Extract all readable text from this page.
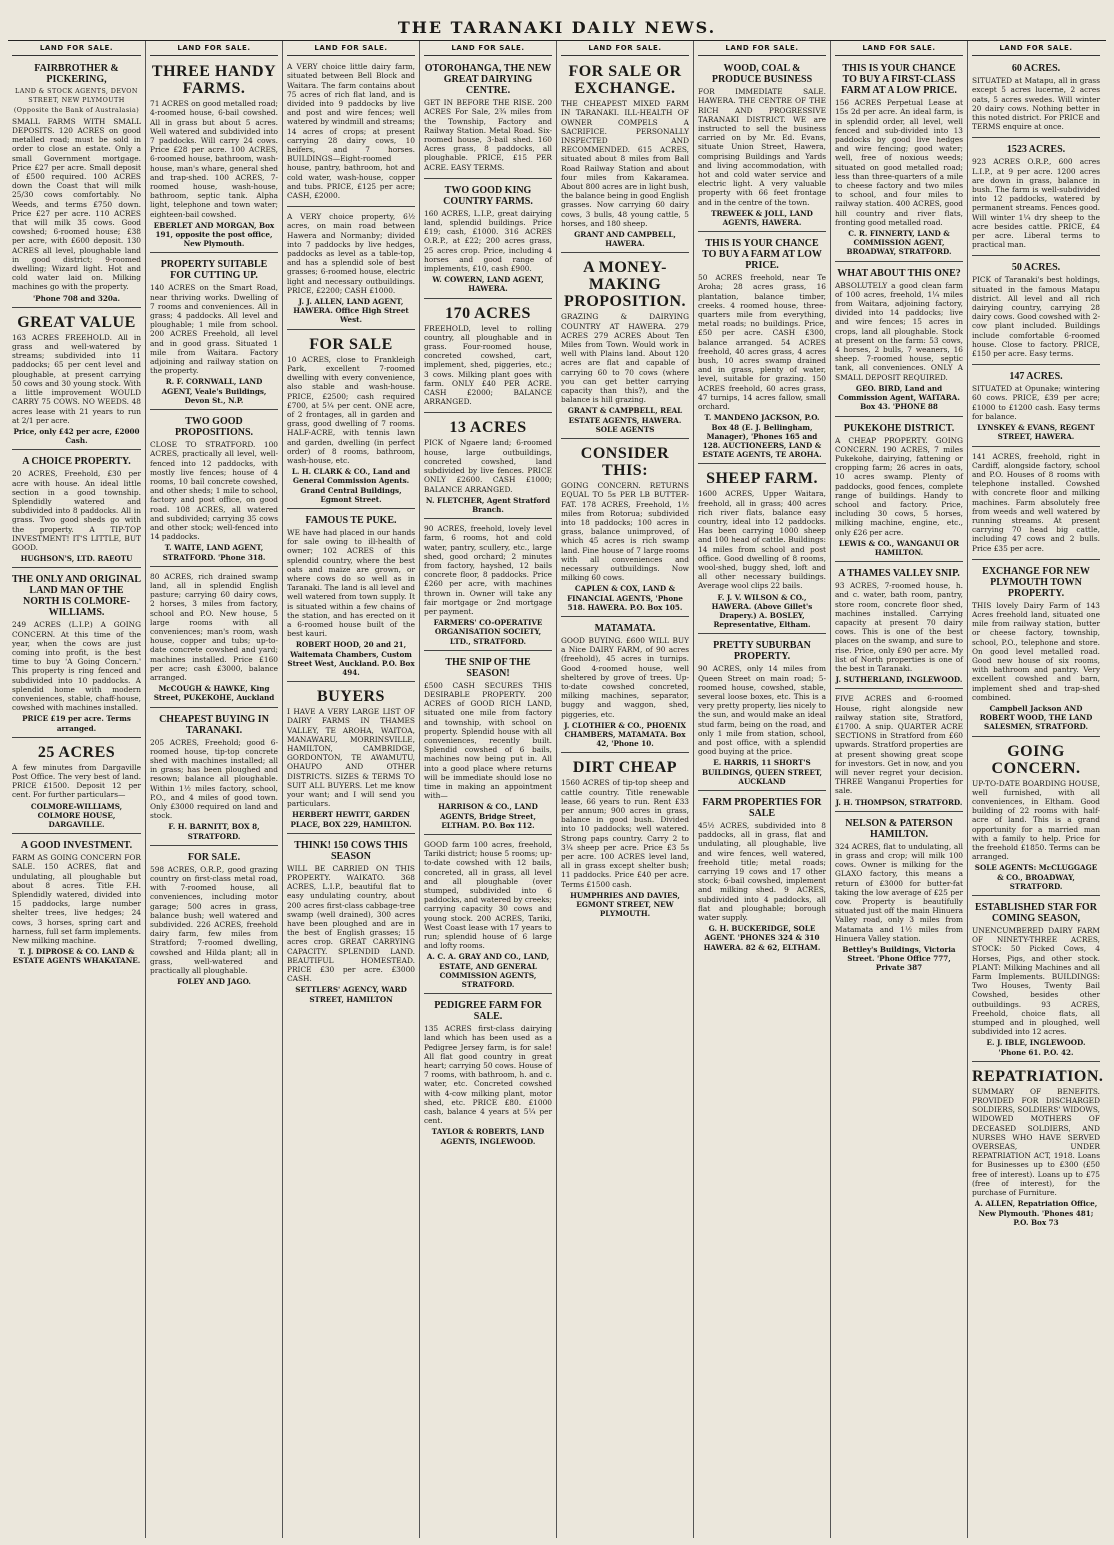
THE TARANAKI DAILY NEWS.
LAND FOR SALE.
FAIRBROTHER & PICKERING,
LAND & STOCK AGENTS, DEVON STREET, NEW PLYMOUTH (Opposite the Bank of Australasia)

SMALL FARMS WITH SMALL DEPOSITS. 120 ACRES on good metalled road; must be sold in order to close an estate. Only a small Government mortgage. Price £27 per acre. Small deposit of £500 required. 100 ACRES down the Coast that will milk 25/30 cows comfortably. No Weeds, and terms £750 down. Price £27 per acre. 110 ACRES that will milk 35 cows. Good cowshed; 6-roomed house; £38 per acre, with £600 deposit. 130 ACRES all level, ploughable land in good district; 9-roomed dwelling; Wizard light. Hot and cold water laid on. Milking machines go with the property.

'Phone 708 and 320a.
GREAT VALUE

163 ACRES FREEHOLD. All in grass and well-watered by streams; subdivided into 11 paddocks; 65 per cent level and ploughable, at present carrying 50 cows and 30 young stock. With a little improvement WOULD CARRY 75 COWS. NO WEEDS. 48 acres lease with 21 years to run at 2/1 per acre.

Price, only £42 per acre, £2000 Cash.
A CHOICE PROPERTY.

20 ACRES, Freehold, £30 per acre with house. An ideal little section in a good township. Splendidly watered and subdivided into 8 paddocks. All in grass. Two good sheds go with the property. A TIP-TOP INVESTMENT! IT'S LITTLE, BUT GOOD.

HUGHSON'S, LTD. RAEOTU
THE ONLY AND ORIGINAL LAND MAN OF THE NORTH IS COLMORE-WILLIAMS.

249 ACRES (L.I.P.) A GOING CONCERN. At this time of the year, when the cows are just coming into profit, is the best time to buy 'A Going Concern.' This property is ring fenced and subdivided into 10 paddocks. A splendid home with modern conveniences, stable, chaff-house, cowshed with machines installed.

PRICE £19 per acre. Terms arranged.
25 ACRES

A few minutes from Dargaville Post Office. The very best of land. PRICE £1500. Deposit 12 per cent. For further particulars—

COLMORE-WILLIAMS, COLMORE HOUSE, DARGAVILLE.
A GOOD INVESTMENT.

FARM AS GOING CONCERN FOR SALE. 150 ACRES, flat and undulating, all ploughable but about 8 acres. Title F.H. Splendidly watered, divided into 15 paddocks, large number shelter trees, live hedges; 24 cows, 3 horses, spring cart and harness, full set farm implements. New milking machine.

T. J. DIPROSE & CO. LAND & ESTATE AGENTS WHAKATANE.
LAND FOR SALE.
THREE HANDY FARMS.

71 ACRES on good metalled road; 4-roomed house, 6-bail cowshed. All in grass but about 5 acres. Well watered and subdivided into 7 paddocks. Will carry 24 cows. Price £28 per acre. 100 ACRES, 6-roomed house, bathroom, wash-house, man's whare, general shed and trap-shed. 100 ACRES, 7-roomed house, wash-house, bathroom, septic tank. Alpha light, telephone and town water; eighteen-bail cowshed.

EBERLET AND MORGAN, Box 191, opposite the post office, New Plymouth.
PROPERTY SUITABLE FOR CUTTING UP.

140 ACRES on the Smart Road, near thriving works. Dwelling of 7 rooms and conveniences. All in grass; 4 paddocks. All level and ploughable; 1 mile from school. 200 ACRES Freehold, all level and in good grass. Situated 1 mile from Waitara. Factory adjoining and railway station on the property.

R. F. CORNWALL, LAND AGENT, Veale's Buildings, Devon St., N.P.
TWO GOOD PROPOSITIONS.

CLOSE TO STRATFORD. 100 ACRES, practically all level, well-fenced into 12 paddocks, with mostly live fences; house of 4 rooms, 10 bail concrete cowshed, and other sheds; 1 mile to school, factory and post office, on good road. 108 ACRES, all watered and subdivided; carrying 35 cows and other stock; well-fenced into 14 paddocks.

T. WAITE, LAND AGENT, STRATFORD. 'Phone 318.

80 ACRES, rich drained swamp land, all in splendid English pasture; carrying 60 dairy cows, 2 horses, 3 miles from factory, school and P.O. New house, 5 large rooms with all conveniences; man's room, wash house, copper and tubs; up-to-date concrete cowshed and yard; machines installed. Price £160 per acre; cash £3000, balance arranged.

McCOUGH & HAWKE, King Street, PUKEKOHE, Auckland
CHEAPEST BUYING IN TARANAKI.

205 ACRES, Freehold; good 6-roomed house, tip-top concrete shed with machines installed; all in grass; has been ploughed and resown; balance all ploughable. Within 1½ miles factory, school, P.O., and 4 miles of good town. Only £3000 required on land and stock.

F. H. BARNITT, BOX 8, STRATFORD.
FOR SALE.

598 ACRES, O.R.P., good grazing country on first-class metal road, with 7-roomed house, all conveniences, including motor garage; 500 acres in grass, balance bush; well watered and subdivided. 226 ACRES, freehold dairy farm, few miles from Stratford; 7-roomed dwelling, cowshed and Hilda plant; all in grass, well-watered and practically all ploughable.

FOLEY AND JAGO.
LAND FOR SALE.

A VERY choice little dairy farm, situated between Bell Block and Waitara. The farm contains about 75 acres of rich flat land, and is divided into 9 paddocks by live and post and wire fences; well watered by windmill and streams; 14 acres of crops; at present carrying 28 dairy cows, 10 heifers, and 7 horses. BUILDINGS—Eight-roomed house, pantry, bathroom, hot and cold water, wash-house, copper and tubs. PRICE, £125 per acre; CASH, £2000.

A VERY choice property, 6½ acres, on main road between Hawera and Normanby; divided into 7 paddocks by live hedges, paddocks as level as a table-top, and has a splendid sole of best grasses; 6-roomed house, electric light and necessary outbuildings. PRICE, £2200; CASH £1000.

J. J. ALLEN, LAND AGENT, HAWERA. Office High Street West.
FOR SALE

10 ACRES, close to Frankleigh Park, excellent 7-roomed dwelling with every convenience, also stable and wash-house. PRICE, £2500; cash required £700, at 5¼ per cent. ONE acre, of 2 frontages, all in garden and grass, good dwelling of 7 rooms. HALF-ACRE, with tennis lawn and garden, dwelling (in perfect order) of 8 rooms, bathroom, wash-house, etc.

L. H. CLARK & CO., Land and General Commission Agents. Grand Central Buildings, Egmont Street.
FAMOUS TE PUKE.

WE have had placed in our hands for sale owing to ill-health of owner; 102 ACRES of this splendid country, where the best oats and maize are grown, or where cows do so well as in Taranaki. The land is all level and well watered from town supply. It is situated within a few chains of the station, and has erected on it a 6-roomed house built of the best kauri.

ROBERT HOOD, 20 and 21, Waitemata Chambers, Custom Street West, Auckland. P.O. Box 494.
BUYERS

I HAVE A VERY LARGE LIST OF DAIRY FARMS IN THAMES VALLEY, TE AROHA, WAITOA, MANAWARU, MORRINSVILLE, HAMILTON, CAMBRIDGE, GORDONTON, TE AWAMUTU, OHAUPO AND OTHER DISTRICTS. SIZES & TERMS TO SUIT ALL BUYERS. Let me know your want; and I will send you particulars.

HERBERT HEWITT, GARDEN PLACE, BOX 229, HAMILTON.
THINK! 150 COWS THIS SEASON

WILL BE CARRIED ON THIS PROPERTY. WAIKATO. 368 ACRES, L.I.P., beautiful flat to easy undulating country, about 200 acres first-class cabbage-tree swamp (well drained), 300 acres have been ploughed and are in the best of English grasses; 15 acres crop. GREAT CARRYING CAPACITY. SPLENDID LAND. BEAUTIFUL HOMESTEAD. PRICE £30 per acre. £3000 CASH.

SETTLERS' AGENCY, WARD STREET, HAMILTON
LAND FOR SALE.
OTOROHANGA, THE NEW GREAT DAIRYING CENTRE.

GET IN BEFORE THE RISE. 200 ACRES For Sale, 2¾ miles from the Township, Factory and Railway Station. Metal Road. Six-roomed house, 3-bail shed. 160 Acres grass, 8 paddocks, all ploughable. PRICE, £15 PER ACRE. EASY TERMS.

TWO GOOD KING COUNTRY FARMS.

160 ACRES, L.I.P., great dairying land, splendid buildings. Price £19; cash, £1000. 316 ACRES O.R.P., at £22; 200 acres grass, 25 acres crop. Price, including 4 horses and good range of implements, £10, cash £900.

W. COWERN, LAND AGENT, HAWERA.
170 ACRES

FREEHOLD, level to rolling country, all ploughable and in grass. Four-roomed house, concreted cowshed, cart, implement, shed, piggeries, etc.; 3 cows. Milking plant goes with farm. ONLY £40 PER ACRE. CASH £2000; BALANCE ARRANGED.

13 ACRES

PICK of Ngaere land; 6-roomed house, large outbuildings, concreted cowshed, land subdivided by live fences. PRICE ONLY £2600. CASH £1000; BALANCE ARRANGED.

N. FLETCHER, Agent Stratford Branch.

90 ACRES, freehold, lovely level farm, 6 rooms, hot and cold water, pantry, scullery, etc., large shed, good orchard; 2 minutes from factory, hayshed, 12 bails concrete floor, 8 paddocks. Price £260 per acre, with machines thrown in. Owner will take any fair mortgage or 2nd mortgage per payment.

FARMERS' CO-OPERATIVE ORGANISATION SOCIETY, LTD., STRATFORD.
THE SNIP OF THE SEASON!

£500 CASH SECURES THIS DESIRABLE PROPERTY. 200 ACRES of GOOD RICH LAND, situated one mile from factory and township, with school on property. Splendid house with all conveniences, recently built. Splendid cowshed of 6 bails, machines now being put in. All into a good place where returns will be immediate should lose no time in making an appointment with—

HARRISON & CO., LAND AGENTS, Bridge Street, ELTHAM. P.O. Box 112.

GOOD farm 100 acres, freehold, Tariki district; house 5 rooms; up-to-date cowshed with 12 bails, concreted, all in grass, all level and all ploughable (over stumped, subdivided into 6 paddocks, and watered by creeks; carrying capacity 30 cows and young stock. 200 ACRES, Tariki, West Coast lease with 17 years to run; splendid house of 6 large and lofty rooms.

A. C. A. GRAY AND CO., LAND, ESTATE, AND GENERAL COMMISSION AGENTS, STRATFORD.
PEDIGREE FARM FOR SALE.

135 ACRES first-class dairying land which has been used as a Pedigree Jersey farm, is for sale! All flat good country in great heart; carrying 50 cows. House of 7 rooms, with bathroom, h. and c. water, etc. Concreted cowshed with 4-cow milking plant, motor shed, etc. PRICE £80. £1000 cash, balance 4 years at 5¼ per cent.

TAYLOR & ROBERTS, LAND AGENTS, INGLEWOOD.
LAND FOR SALE.
FOR SALE OR EXCHANGE.

THE CHEAPEST MIXED FARM IN TARANAKI. ILL-HEALTH OF OWNER COMPELS A SACRIFICE. PERSONALLY INSPECTED AND RECOMMENDED. 615 ACRES, situated about 8 miles from Ball Road Railway Station and about four miles from Kakaramea. About 800 acres are in light bush, the balance being in good English grasses. Now carrying 60 dairy cows, 3 bulls, 48 young cattle, 5 horses, and 180 sheep.

GRANT AND CAMPBELL, HAWERA.
A MONEY-MAKING PROPOSITION.

GRAZING & DAIRYING COUNTRY AT HAWERA. 279 ACRES 279 ACRES About Ten Miles from Town. Would work in well with Plains land. About 120 acres are flat and capable of carrying 60 to 70 cows (where you can get better carrying capacity than this?), and the balance is hill grazing.

GRANT & CAMPBELL, REAL ESTATE AGENTS, HAWERA. SOLE AGENTS
CONSIDER THIS:

GOING CONCERN. RETURNS EQUAL TO 5s PER LB BUTTER-FAT. 178 ACRES, Freehold, 1½ miles from Rotorua; subdivided into 18 paddocks; 100 acres in grass, balance unimproved, of which 45 acres is rich swamp land. Fine house of 7 large rooms with all conveniences and necessary outbuildings. Now milking 60 cows.

CAPLEN & COX, LAND & FINANCIAL AGENTS, 'Phone 518. HAWERA. P.O. Box 105.
MATAMATA.

GOOD BUYING. £600 WILL BUY a Nice DAIRY FARM, of 90 acres (freehold), 45 acres in turnips. Good 4-roomed house, well sheltered by grove of trees. Up-to-date cowshed concreted, milking machines, separator, buggy and waggon, shed, piggeries, etc.

J. CLOTHIER & CO., PHOENIX CHAMBERS, MATAMATA. Box 42, 'Phone 10.
DIRT CHEAP

1560 ACRES of tip-top sheep and cattle country. Title renewable lease, 66 years to run. Rent £33 per annum; 900 acres in grass, balance in good bush. Divided into 10 paddocks; well watered. Strong paps country. Carry 2 to 3¼ sheep per acre. Price £3 5s per acre. 100 ACRES level land, all in grass except shelter bush; 11 paddocks. Price £40 per acre. Terms £1500 cash.

HUMPHRIES AND DAVIES, EGMONT STREET, NEW PLYMOUTH.
LAND FOR SALE.
WOOD, COAL & PRODUCE BUSINESS

FOR IMMEDIATE SALE. HAWERA. THE CENTRE OF THE RICH AND PROGRESSIVE TARANAKI DISTRICT. WE are instructed to sell the business carried on by Mr. Ed. Evans, situate Union Street, Hawera, comprising Buildings and Yards and living accommodation, with hot and cold water service and electric light. A very valuable property with 66 feet frontage and in the centre of the town.

TREWEEK & JOLL, LAND AGENTS, HAWERA.
THIS IS YOUR CHANCE TO BUY A FARM AT LOW PRICE.

50 ACRES freehold, near Te Aroha; 28 acres grass, 16 plantation, balance timber, creeks. 4 roomed house, three-quarters mile from everything, metal roads; no buildings. Price, £50 per acre. CASH £300, balance arranged. 54 ACRES freehold, 40 acres grass, 4 acres bush, 10 acres swamp drained and in grass, plenty of water, level, suitable for grazing. 150 ACRES freehold, 60 acres grass, 47 turnips, 14 acres fallow, small orchard.

T. MANDENO JACKSON, P.O. Box 48 (E. J. Bellingham, Manager), 'Phones 165 and 128. AUCTIONEERS, LAND & ESTATE AGENTS, TE AROHA.
SHEEP FARM.

1600 ACRES, Upper Waitara, freehold, all in grass; 400 acres rich river flats, balance easy country, ideal into 12 paddocks. Has been carrying 1000 sheep and 100 head of cattle. Buildings: 14 miles from school and post office. Good dwelling of 8 rooms, wool-shed, buggy shed, loft and all other necessary buildings. Average wool clips 22 bails.

F. J. V. WILSON & CO., HAWERA. (Above Gillet's Drapery.) A. BOSLEY, Representative, Eltham.
PRETTY SUBURBAN PROPERTY.

90 ACRES, only 14 miles from Queen Street on main road; 5-roomed house, cowshed, stable, several loose boxes, etc. This is a very pretty property, lies nicely to the sun, and would make an ideal stud farm, being on the road, and only 1 mile from station, school, and post office, with a splendid good buying at the price.

E. HARRIS, 11 SHORT'S BUILDINGS, QUEEN STREET, AUCKLAND
FARM PROPERTIES FOR SALE

45½ ACRES, subdivided into 8 paddocks, all in grass, flat and undulating, all ploughable, live and wire fences, well watered, freehold title; metal roads; carrying 19 cows and 17 other stock; 6-bail cowshed, implement and milking shed. 9 ACRES, subdivided into 4 paddocks, all flat and ploughable; borough water supply.

G. H. BUCKERIDGE, SOLE AGENT. 'PHONES 324 & 310 HAWERA. 82 & 62, ELTHAM.
LAND FOR SALE.
THIS IS YOUR CHANCE TO BUY A FIRST-CLASS FARM AT A LOW PRICE.

156 ACRES Perpetual Lease at 15s 2d per acre. An ideal farm, is in splendid order, all level, well fenced and sub-divided into 13 paddocks by good live hedges and wire fencing; good water; well, free of noxious weeds; situated on good metalled road; less than three-quarters of a mile to cheese factory and two miles to school, and four miles to railway station. 400 ACRES, good hill country and river flats, fronting good metalled road.

C. R. FINNERTY, LAND & COMMISSION AGENT, BROADWAY, STRATFORD.
WHAT ABOUT THIS ONE?

ABSOLUTELY a good clean farm of 100 acres, freehold, 1¼ miles from Waitara, adjoining factory, divided into 14 paddocks; live and wire fences; 15 acres in crops, land all ploughable. Stock at present on the farm: 53 cows, 4 horses, 2 bulls, 7 weaners, 16 sheep. 7-roomed house, septic tank, all conveniences. ONLY A SMALL DEPOSIT REQUIRED.

GEO. BIRD, Land and Commission Agent, WAITARA. Box 43. 'PHONE 88
PUKEKOHE DISTRICT.

A CHEAP PROPERTY. GOING CONCERN. 190 ACRES, 7 miles Pukekohe, dairying, fattening or cropping farm; 26 acres in oats, 10 acres swamp. Plenty of paddocks, good fences, complete range of buildings. Handy to school and factory. Price, including 30 cows, 5 horses, milking machine, engine, etc., only £26 per acre.

LEWIS & CO., WANGANUI OR HAMILTON.
A THAMES VALLEY SNIP.

93 ACRES, 7-roomed house, h. and c. water, bath room, pantry, store room, concrete floor shed, machines installed. Carrying capacity at present 70 dairy cows. This is one of the best places on the swamp, and sure to rise. Price, only £90 per acre. My list of North properties is one of the best in Taranaki.

J. SUTHERLAND, INGLEWOOD.

FIVE ACRES and 6-roomed House, right alongside new railway station site, Stratford, £1700. A snip. QUARTER ACRE SECTIONS in Stratford from £60 upwards. Stratford properties are at present showing great scope for investors. Get in now, and you will never regret your decision. THREE Wanganui Properties for sale.

J. H. THOMPSON, STRATFORD.
NELSON & PATERSON HAMILTON.

324 ACRES, flat to undulating, all in grass and crop; will milk 100 cows. Owner is milking for the GLAXO factory, this means a return of £3000 for butter-fat taking the low average of £25 per cow. Property is beautifully situated just off the main Hinuera Valley road, only 3 miles from Matamata and 1½ miles from Hinuera Valley station.

Bettley's Buildings, Victoria Street. 'Phone Office 777, Private 387
LAND FOR SALE.
60 ACRES.

SITUATED at Matapu, all in grass except 5 acres lucerne, 2 acres oats, 5 acres swedes. Will winter 20 dairy cows. Nothing better in this noted district. For PRICE and TERMS enquire at once.

1523 ACRES.

923 ACRES O.R.P., 600 acres L.I.P., at 9 per acre. 1200 acres are down in grass, balance in bush. The farm is well-subdivided into 12 paddocks, watered by permanent streams. Fences good. Will winter 1¼ dry sheep to the acre besides cattle. PRICE, £4 per acre. Liberal terms to practical man.

50 ACRES.

PICK of Taranaki's best holdings, situated in the famous Matapu district. All level and all rich dairying country, carrying 28 dairy cows. Good cowshed with 2-cow plant included. Buildings include comfortable 6-roomed house. Close to factory. PRICE, £150 per acre. Easy terms.

147 ACRES.

SITUATED at Opunake; wintering 60 cows. PRICE, £39 per acre; £1000 to £1200 cash. Easy terms for balance.

LYNSKEY & EVANS, REGENT STREET, HAWERA.

141 ACRES, freehold, right in Cardiff, alongside factory, school and P.O. Houses of 8 rooms with telephone installed. Cowshed with concrete floor and milking machines. Farm absolutely free from weeds and well watered by running streams. At present carrying 70 head big cattle, including 47 cows and 2 bulls. Price £35 per acre.

EXCHANGE FOR NEW PLYMOUTH TOWN PROPERTY.

THIS lovely Dairy Farm of 143 Acres freehold land, situated one mile from railway station, butter or cheese factory, township, school, P.O., telephone and store. On good level metalled road. Good new house of six rooms, with bathroom and pantry. Very excellent cowshed and barn, implement shed and trap-shed combined.

Campbell Jackson AND ROBERT WOOD, THE LAND SALESMEN, STRATFORD.
GOING CONCERN.

UP-TO-DATE BOARDING HOUSE, well furnished, with all conveniences, in Eltham. Good building of 22 rooms with half-acre of land. This is a grand opportunity for a married man with a family to help. Price for the freehold £1850. Terms can be arranged.

SOLE AGENTS: McCLUGGAGE & CO., BROADWAY, STRATFORD.
ESTABLISHED STAR FOR COMING SEASON,

UNENCUMBERED DAIRY FARM OF NINETY-THREE ACRES, STOCK: 50 Picked Cows, 4 Horses, Pigs, and other stock. PLANT: Milking Machines and all Farm Implements. BUILDINGS: Two Houses, Twenty Bail Cowshed, besides other outbuildings. 93 ACRES, Freehold, choice flats, all stumped and in ploughed, well subdivided into 12 acres.

E. J. IBLE, INGLEWOOD. 'Phone 61. P.O. 42.
REPATRIATION.

SUMMARY OF BENEFITS. PROVIDED FOR DISCHARGED SOLDIERS, SOLDIERS' WIDOWS, WIDOWED MOTHERS OF DECEASED SOLDIERS, AND NURSES WHO HAVE SERVED OVERSEAS, UNDER REPATRIATION ACT, 1918. Loans for Businesses up to £300 (£50 free of interest). Loans up to £75 (free of interest), for the purchase of Furniture.

A. ALLEN, Repatriation Office, New Plymouth. 'Phones 481; P.O. Box 73
